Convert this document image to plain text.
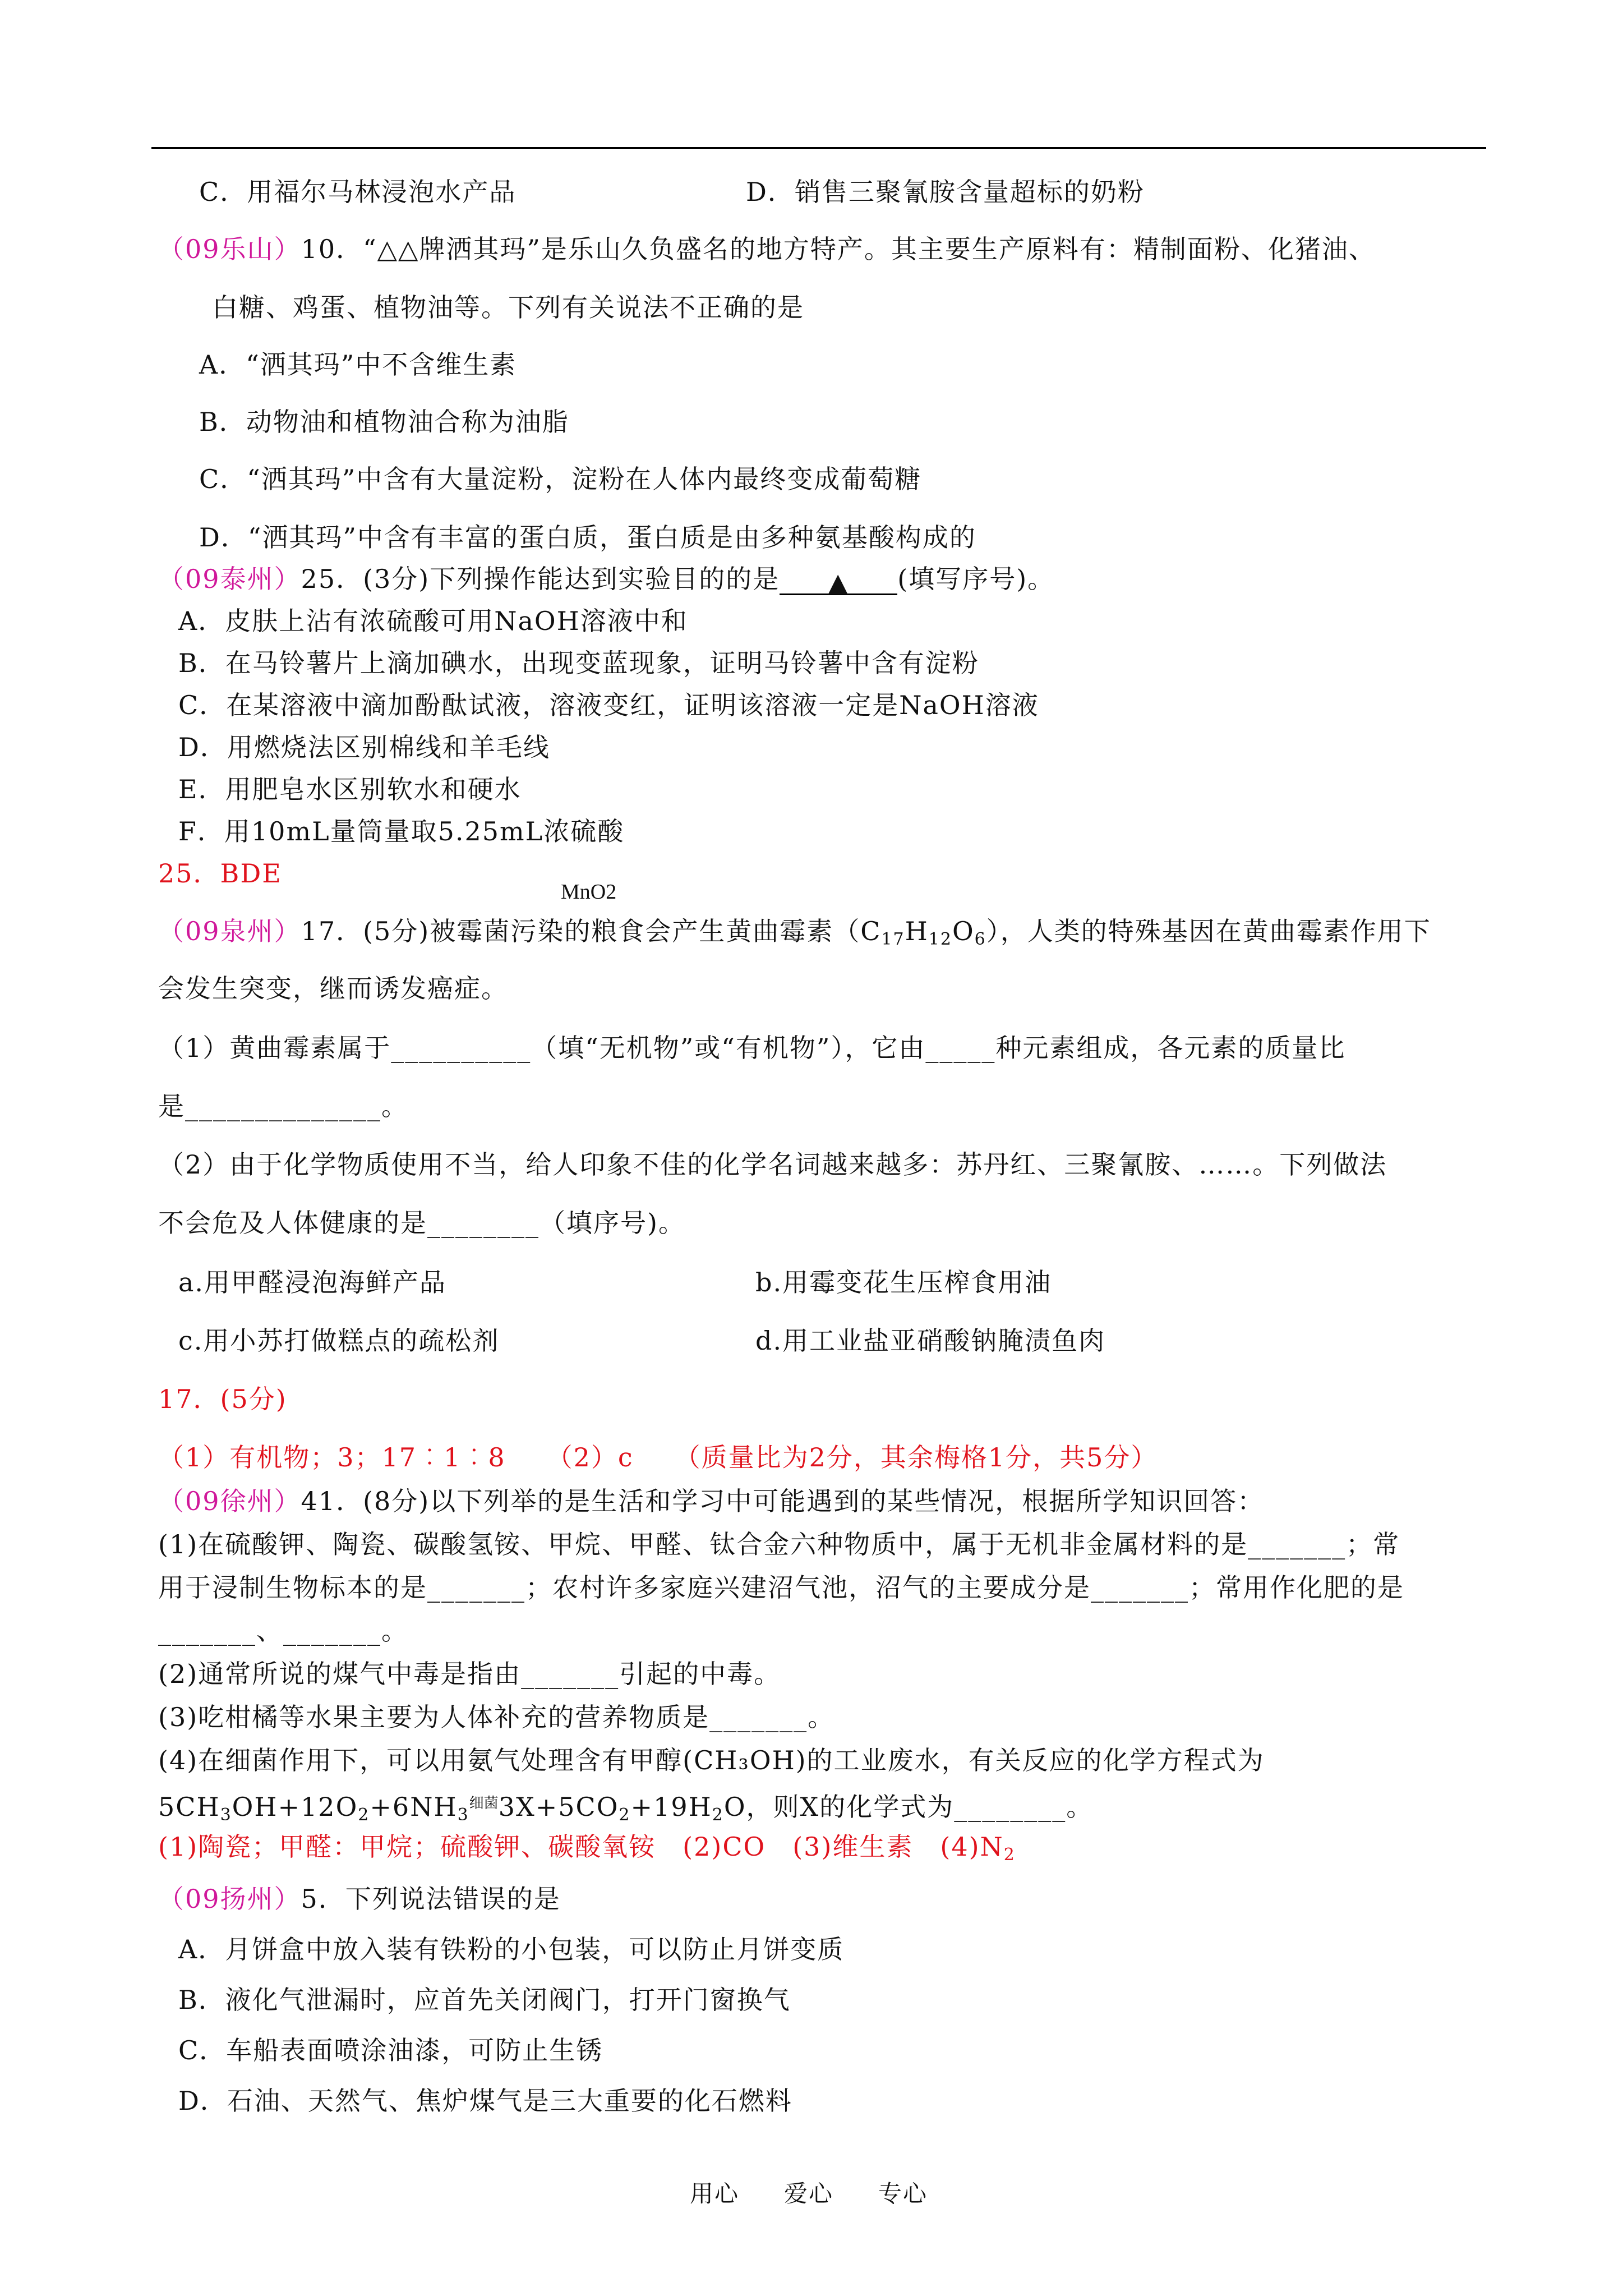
C．用福尔马林浸泡水产品	D．销售三聚氰胺含量超标的奶粉
（09乐山）10．“△△牌洒其玛”是乐山久负盛名的地方特产。其主要生产原料有：精制面粉、化猪油、
白糖、鸡蛋、植物油等。下列有关说法不正确的是
A．“洒其玛”中不含维生素
B．动物油和植物油合称为油脂
C．“洒其玛”中含有大量淀粉，淀粉在人体内最终变成葡萄糖
D．“洒其玛”中含有丰富的蛋白质，蛋白质是由多种氨基酸构成的
（09泰州）25．(3分)下列操作能达到实验目的的是 ▲ (填写序号)。
A．皮肤上沾有浓硫酸可用NaOH溶液中和
B．在马铃薯片上滴加碘水，出现变蓝现象，证明马铃薯中含有淀粉
C．在某溶液中滴加酚酞试液，溶液变红，证明该溶液一定是NaOH溶液
D．用燃烧法区别棉线和羊毛线
E．用肥皂水区别软水和硬水
F．用10mL量筒量取5.25mL浓硫酸
25．BDE
MnO2
（09泉州）17．(5分)被霉菌污染的粮食会产生黄曲霉素$(C_{17}H_{12}O_6)$，人类的特殊基因在黄曲霉素作用下
会发生突变，继而诱发癌症。
（1）黄曲霉素属于__________（填“无机物”或“有机物”），它由_____种元素组成，各元素的质量比
是______________。
（2）由于化学物质使用不当，给人印象不佳的化学名词越来越多：苏丹红、三聚氰胺、……。下列做法
不会危及人体健康的是________（填序号)。
a.用甲醛浸泡海鲜产品	b.用霉变花生压榨食用油
c.用小苏打做糕点的疏松剂	d.用工业盐亚硝酸钠腌渍鱼肉
17．(5分)
（1）有机物；3；17︰1︰8　　（2）c　　（质量比为2分，其余梅格1分，共5分）
（09徐州）41．(8分)以下列举的是生活和学习中可能遇到的某些情况，根据所学知识回答：
(1)在硫酸钾、陶瓷、碳酸氢铵、甲烷、甲醛、钛合金六种物质中，属于无机非金属材料的是_______；常
用于浸制生物标本的是_______；农村许多家庭兴建沼气池，沼气的主要成分是_______；常用作化肥的是
_______、_______。
(2)通常所说的煤气中毒是指由_______引起的中毒。
(3)吃柑橘等水果主要为人体补充的营养物质是_______。
(4)在细菌作用下，可以用氨气处理含有甲醇(CH₃OH)的工业废水，有关反应的化学方程式为
$5CH_3OH+12O_2+6NH_3^{细菌}3X+5CO_2+19H_2O$，则X的化学式为________。
(1)陶瓷；甲醛：甲烷；硫酸钾、碳酸氧铵　(2)CO　(3)维生素　$(4)N_2$
（09扬州）5．下列说法错误的是
A．月饼盒中放入装有铁粉的小包装，可以防止月饼变质
B．液化气泄漏时，应首先关闭阀门，打开门窗换气
C．车船表面喷涂油漆，可防止生锈
D．石油、天然气、焦炉煤气是三大重要的化石燃料
用心 爱心 专心
